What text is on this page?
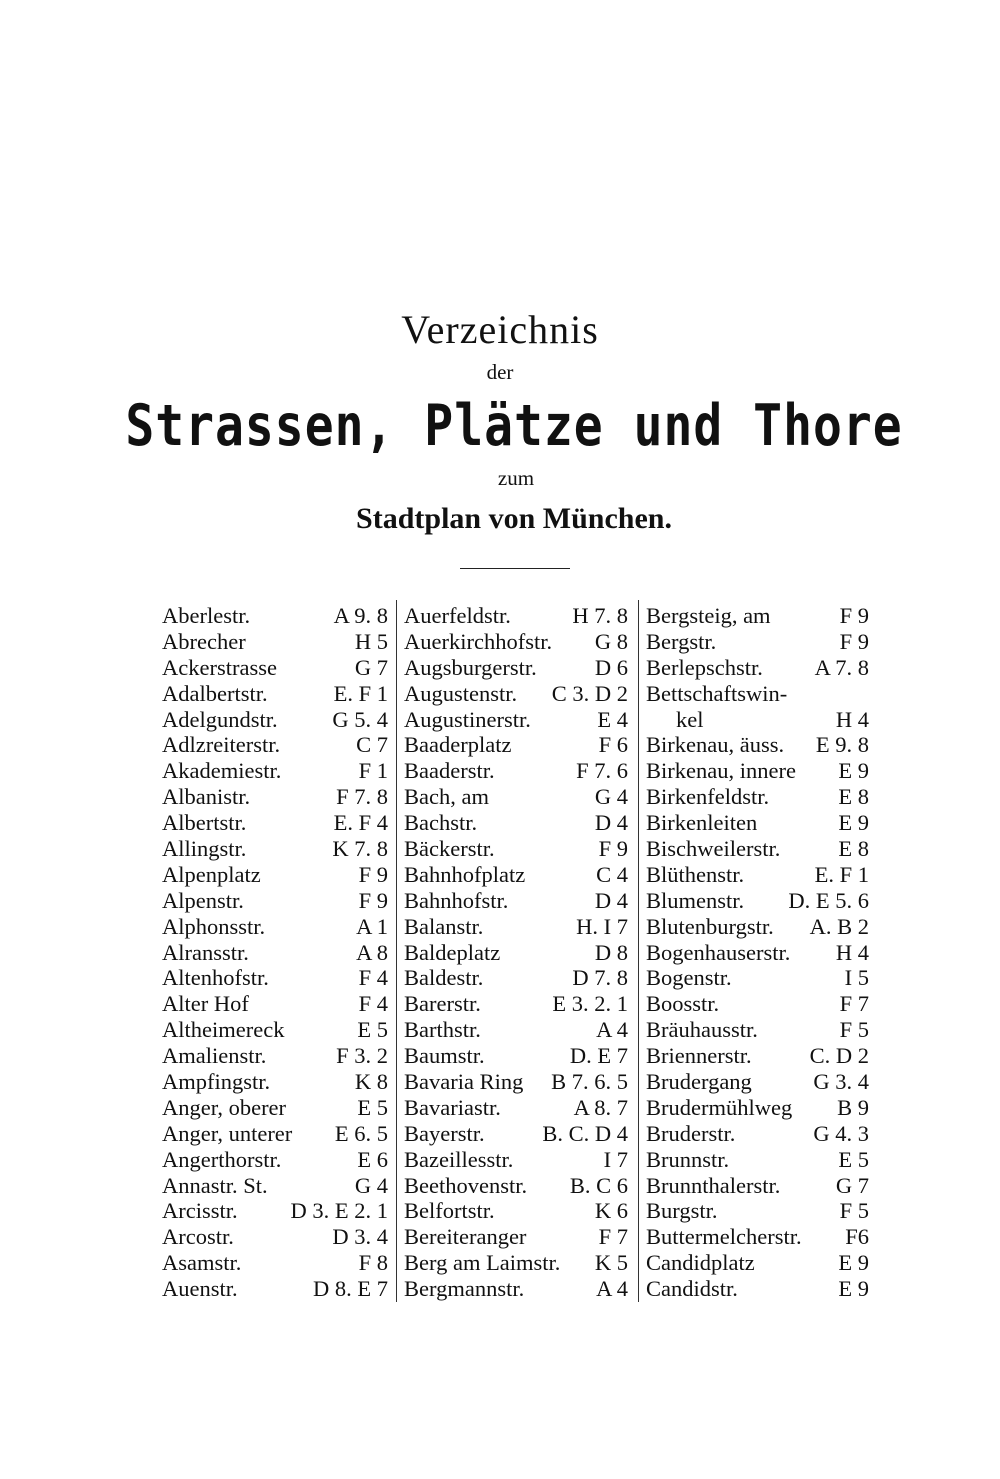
Verzeichnis
der
Strassen, Plätze und Thore
zum
Stadtplan von München.
Aberlestr.	A 9. 8
Abrecher	H 5
Ackerstrasse	G 7
Adalbertstr.	E. F 1
Adelgundstr. G 5. 4
Adlzreiterstr.	C 7
Akademiestr.	F 1
Albanistr.	F 7. 8
Albertstr.	E. F 4
Allingstr.	K 7. 8
Alpenplatz	F 9
Alpenstr.	F 9
Alphonsstr.	A 1
Alransstr.	A 8
Altenhofstr.	F 4
Alter Hof	F 4
Altheimereck	E 5
Amalienstr.	F 3. 2
Ampfingstr.	K 8
Anger, oberer	E 5
Anger, unterer E 6. 5
Angerthorstr.	E 6
Annastr. St.	G 4
Arcisstr. D 3. E 2. 1
Arcostr.	D 3. 4
Asamstr.	F 8
Auenstr.	D 8. E 7
Auerfeldstr.	H 7. 8
Auerkirchhofstr. G 8
Augsburgerstr.	D 6
Augustenstr. C 3. D 2
Augustinerstr.	E 4
Baaderplatz	F 6
Baaderstr.	F 7. 6
Bach, am	G 4
Bachstr.	D 4
Bäckerstr.	F 9
Bahnhofplatz	C 4
Bahnhofstr.	D 4
Balanstr.	H. I 7
Baldeplatz	D 8
Baldestr.	D 7. 8
Barerstr.	E 3. 2. 1
Barthstr.	A 4
Baumstr.	D. E 7
Bavaria Ring B 7. 6. 5
Bavariastr.	A 8. 7
Bayerstr.	B. C. D 4
Bazeillesstr.	I 7
Beethovenstr. B. C 6
Belfortstr.	K 6
Bereiteranger	F 7
Berg am Laimstr. K 5
Bergmannstr.	A 4
Bergsteig, am	F 9
Bergstr.	F 9
Berlepschstr. A 7. 8
Bettschaftswin-
kel	H 4
Birkenau, äuss. E 9. 8
Birkenau, innere E 9
Birkenfeldstr.	E 8
Birkenleiten	E 9
Bischweilerstr.	E 8
Blüthenstr.	E. F 1
Blumenstr. D. E 5. 6
Blutenburgstr. A. B 2
Bogenhauserstr. H 4
Bogenstr.	I 5
Boosstr.	F 7
Bräuhausstr.	F 5
Briennerstr.	C. D 2
Brudergang	G 3. 4
Brudermühlweg B 9
Bruderstr.	G 4. 3
Brunnstr.	E 5
Brunnthalerstr. G 7
Burgstr.	F 5
Buttermelcherstr. F6
Candidplatz	E 9
Candidstr.	E 9
